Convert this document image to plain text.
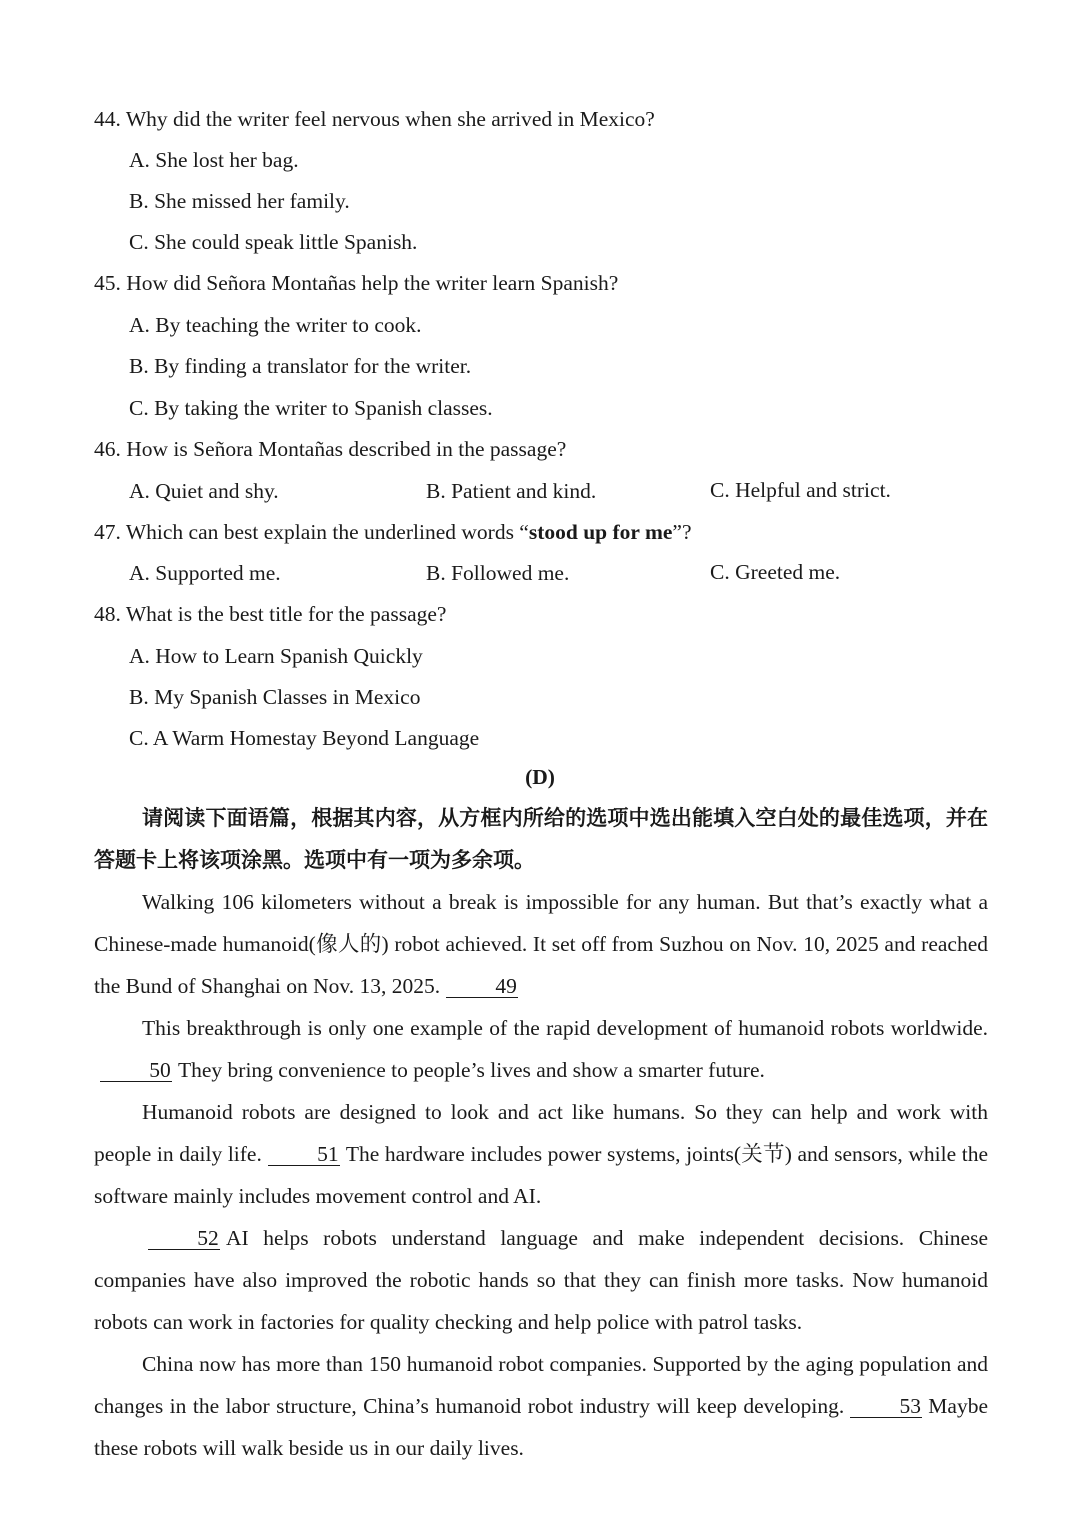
44. Why did the writer feel nervous when she arrived in Mexico?
A. She lost her bag.
B. She missed her family.
C. She could speak little Spanish.
45. How did Señora Montañas help the writer learn Spanish?
A. By teaching the writer to cook.
B. By finding a translator for the writer.
C. By taking the writer to Spanish classes.
46. How is Señora Montañas described in the passage?
A. Quiet and shy.	B. Patient and kind.	C. Helpful and strict.
47. Which can best explain the underlined words “stood up for me”?
A. Supported me.	B. Followed me.	C. Greeted me.
48. What is the best title for the passage?
A. How to Learn Spanish Quickly
B. My Spanish Classes in Mexico
C. A Warm Homestay Beyond Language
(D)
请阅读下面语篇，根据其内容，从方框内所给的选项中选出能填入空白处的最佳选项，并在答题卡上将该项涂黑。选项中有一项为多余项。
Walking 106 kilometers without a break is impossible for any human. But that’s exactly what a Chinese-made humanoid(像人的) robot achieved. It set off from Suzhou on Nov. 10, 2025 and reached the Bund of Shanghai on Nov. 13, 2025.	49
This breakthrough is only one example of the rapid development of humanoid robots worldwide.50 They bring convenience to people’s lives and show a smarter future.
Humanoid robots are designed to look and act like humans. So they can help and work with people in daily life.	51 The hardware includes power systems, joints(关节) and sensors, while the software mainly includes movement control and AI.
52 AI helps robots understand language and make independent decisions. Chinese companies have also improved the robotic hands so that they can finish more tasks. Now humanoid robots can work in factories for quality checking and help police with patrol tasks.
China now has more than 150 humanoid robot companies. Supported by the aging population and changes in the labor structure, China’s humanoid robot industry will keep developing.	53 Maybe these robots will walk beside us in our daily lives.
